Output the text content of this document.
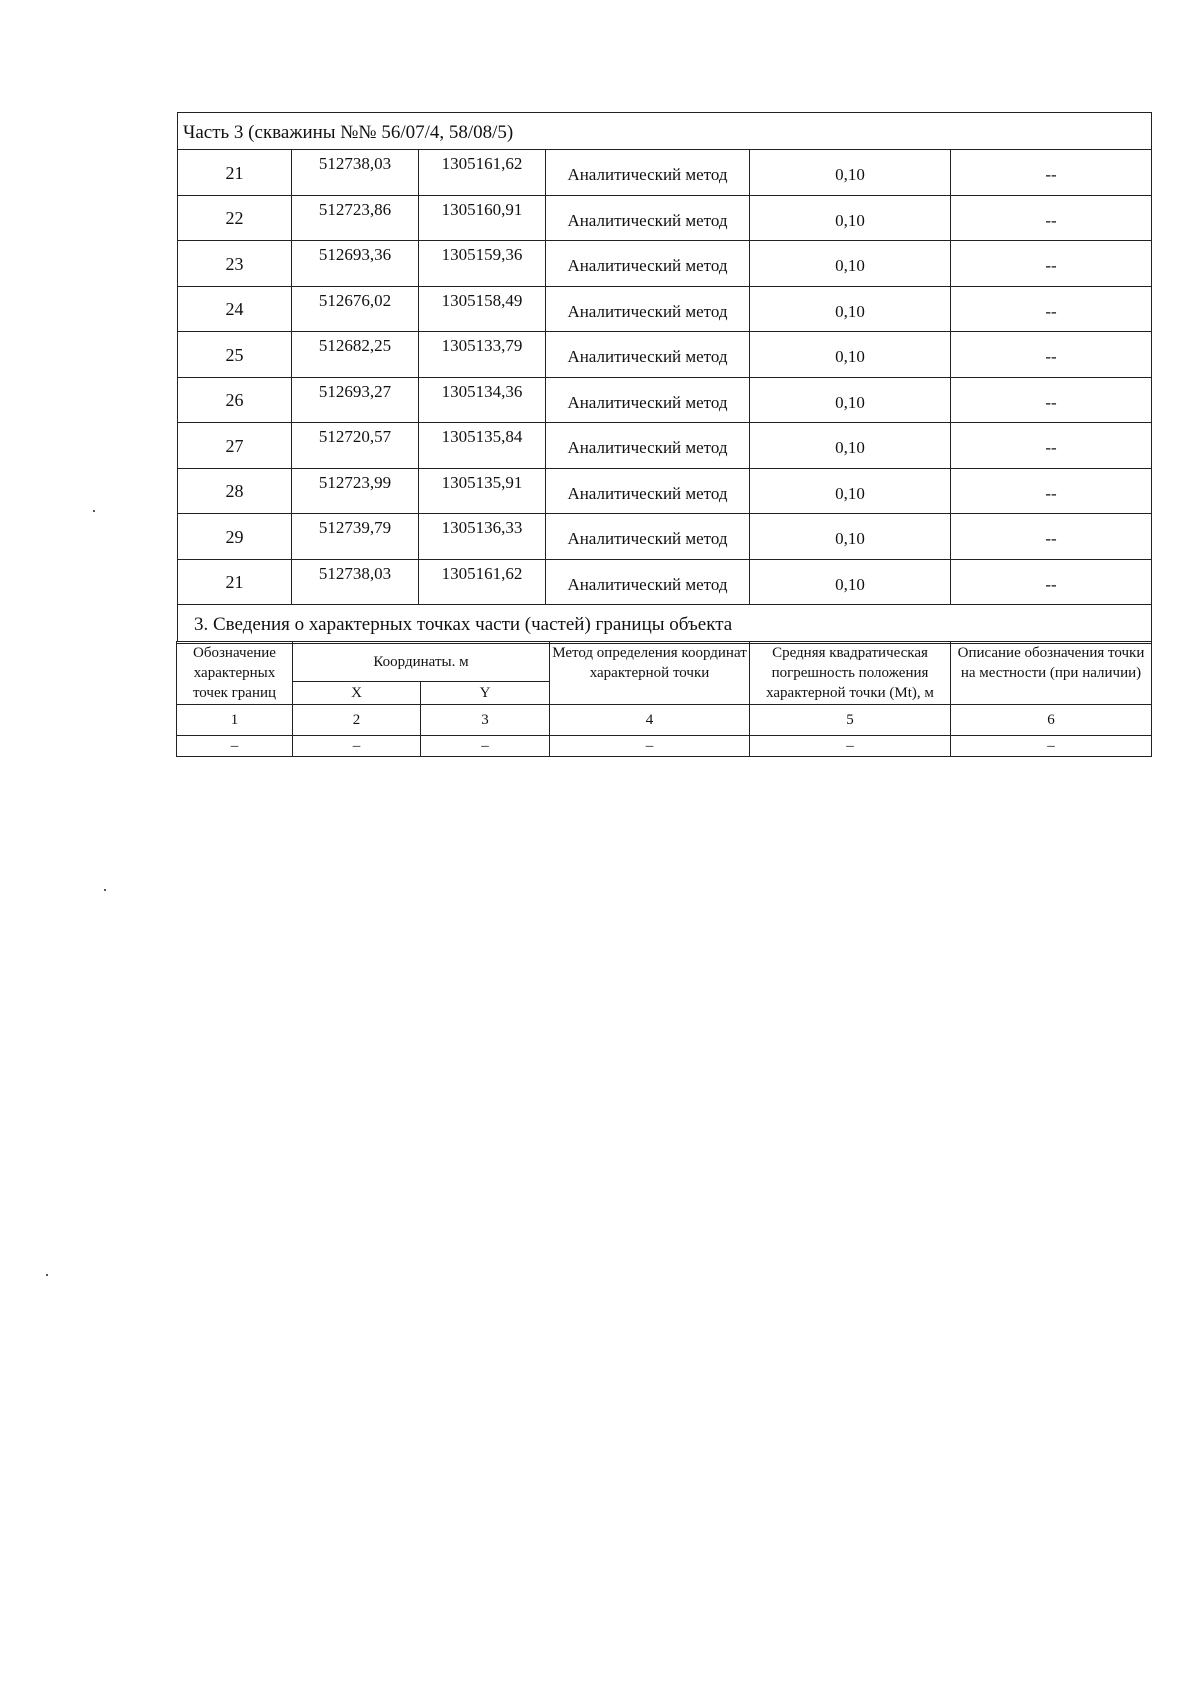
Часть 3 (скважины №№ 56/07/4, 58/08/5)					
21	512738,03	1305161,62	Аналитический метод	0,10	--
22	512723,86	1305160,91	Аналитический метод	0,10	--
23	512693,36	1305159,36	Аналитический метод	0,10	--
24	512676,02	1305158,49	Аналитический метод	0,10	--
25	512682,25	1305133,79	Аналитический метод	0,10	--
26	512693,27	1305134,36	Аналитический метод	0,10	--
27	512720,57	1305135,84	Аналитический метод	0,10	--
28	512723,99	1305135,91	Аналитический метод	0,10	--
29	512739,79	1305136,33	Аналитический метод	0,10	--
21	512738,03	1305161,62	Аналитический метод	0,10	--
3. Сведения о характерных точках части (частей) границы объекта					
Обозначение характерных точек границ	Координаты. м		Метод определения координат характерной точки	Средняя квадратическая погрешность положения характерной точки (Mt), м	Описание обозначения точки на местности (при наличии)
	X	Y			
1	2	3	4	5	6
–	–	–	–	–	–
